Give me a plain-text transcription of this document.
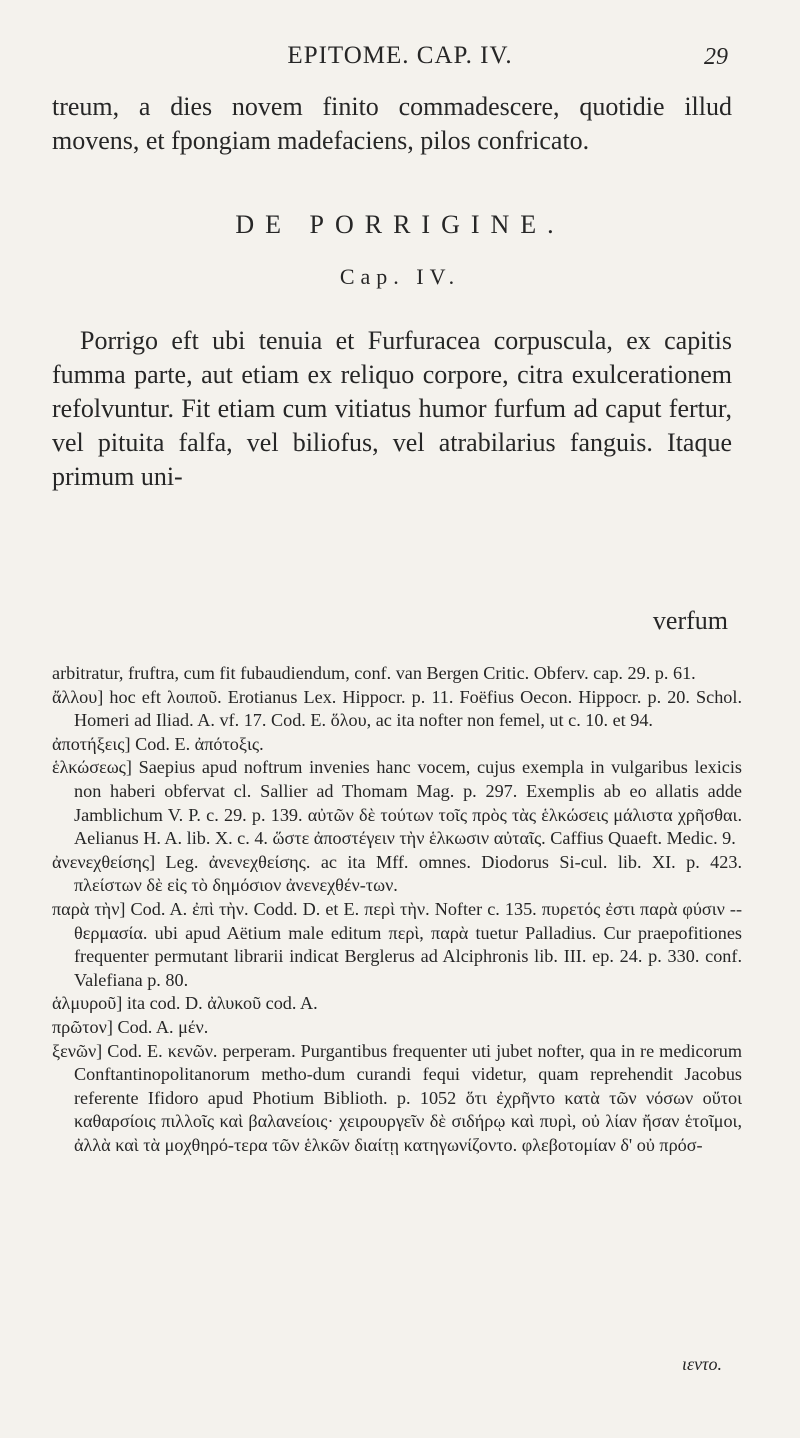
EPITOME. CAP. IV.	29
treum, a dies novem finito commadescere, quotidie illud movens, et fpongiam madefaciens, pilos confricato.
DE PORRIGINE.
Cap. IV.
Porrigo eft ubi tenuia et Furfuracea corpuscula, ex capitis fumma parte, aut etiam ex reliquo corpore, citra exulcerationem refolvuntur. Fit etiam cum vitiatus humor furfum ad caput fertur, vel pituita falfa, vel biliofus, vel atrabilarius fanguis. Itaque primum uni-
verfum

arbitratur, fruftra, cum fit fubaudiendum, conf. van Bergen Critic. Obferv. cap. 29. p. 61.

ἄλλου] hoc eft λοιποῦ. Erotianus Lex. Hippocr. p. 11. Foëfius Oecon. Hippocr. p. 20. Schol. Homeri ad Iliad. A. vf. 17. Cod. E. ὅλου, ac ita nofter non femel, ut c. 10. et 94.

ἀποτήξεις] Cod. E. ἀπότοξις.

ἑλκώσεως] Saepius apud noftrum invenies hanc vocem, cujus exempla in vulgaribus lexicis non haberi obfervat cl. Sallier ad Thomam Mag. p. 297. Exemplis ab eo allatis adde Jamblichum V. P. c. 29. p. 139. αὐτῶν δὲ τούτων τοῖς πρὸς τὰς ἑλκώσεις μάλιστα χρῆσθαι. Aelianus H. A. lib. X. c. 4. ὥστε ἀποστέγειν τὴν ἑλκωσιν αὐταῖς. Caffius Quaeft. Medic. 9.

ἀνενεχθείσης] Leg. ἀνενεχθείσης. ac ita Mff. omnes. Diodorus Si-cul. lib. XI. p. 423. πλείστων δὲ εἰς τὸ δημόσιον ἀνενεχθέν-των.

παρὰ τὴν] Cod. A. ἐπὶ τὴν. Codd. D. et E. περὶ τὴν. Nofter c. 135. πυρετός ἐστι παρὰ φύσιν -- θερμασία. ubi apud Aëtium male editum περὶ, παρὰ tuetur Palladius. Cur praepofitiones frequenter permutant librarii indicat Berglerus ad Alciphronis lib. III. ep. 24. p. 330. conf. Valefiana p. 80.

ἁλμυροῦ] ita cod. D. ἀλυκοῦ cod. A.

πρῶτον] Cod. A. μέν.

ξενῶν] Cod. E. κενῶν. perperam. Purgantibus frequenter uti jubet nofter, qua in re medicorum Conftantinopolitanorum metho-dum curandi fequi videtur, quam reprehendit Jacobus referente Ifidoro apud Photium Biblioth. p. 1052 ὅτι ἐχρῆντο κατὰ τῶν νόσων οὔτοι καθαρσίοις πιλλοῖς καὶ βαλανείοις· χειρουργεῖν δὲ σιδήρῳ καὶ πυρὶ, οὐ λίαν ἤσαν ἑτοῖμοι, ἀλλὰ καὶ τὰ μοχθηρό-τερα τῶν ἑλκῶν διαίτῃ κατηγωνίζοντο. φλεβοτομίαν δ' οὐ πρόσ-

ιεντο.
